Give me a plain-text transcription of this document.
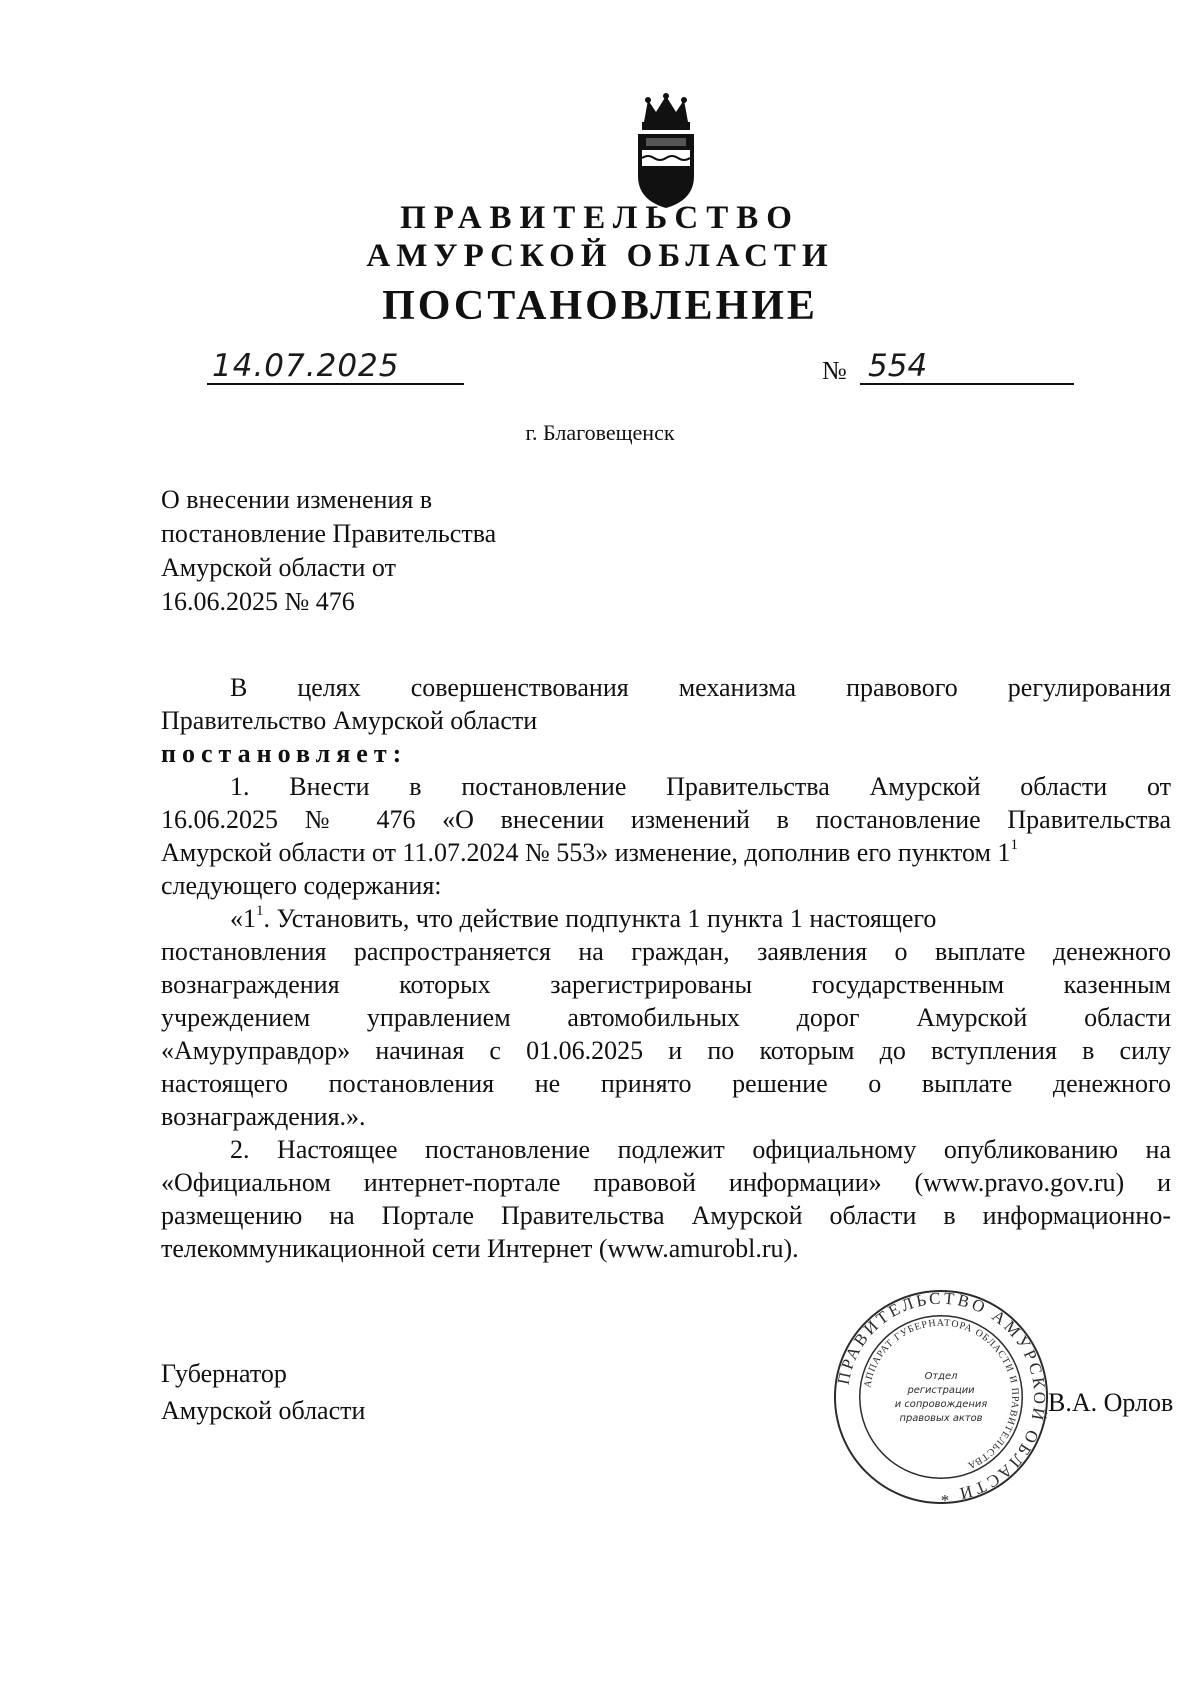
ПРАВИТЕЛЬСТВО
АМУРСКОЙ ОБЛАСТИ
ПОСТАНОВЛЕНИЕ
14.07.2025	№ 554
г. Благовещенск
О внесении изменения в
постановление Правительства
Амурской области от
16.06.2025 № 476
В целях совершенствования механизма правового регулирования
Правительство Амурской области
постановляет:
1. Внести в постановление Правительства Амурской области от
16.06.2025 № 476 «О внесении изменений в постановление Правительства
Амурской области от 11.07.2024 № 553» изменение, дополнив его пунктом $1^1$
следующего содержания:
«$1^1$. Установить, что действие подпункта 1 пункта 1 настоящего
постановления распространяется на граждан, заявления о выплате денежного
вознаграждения которых зарегистрированы государственным казенным
учреждением управлением автомобильных дорог Амурской области
«Амуруправдор» начиная с 01.06.2025 и по которым до вступления в силу
настоящего постановления не принято решение о выплате денежного
вознаграждения.».
2. Настоящее постановление подлежит официальному опубликованию на
«Официальном интернет-портале правовой информации» (www.pravo.gov.ru) и
размещению на Портале Правительства Амурской области в информационно-
телекоммуникационной сети Интернет (www.amurobl.ru).
Губернатор
Амурской области	В.А. Орлов
ПРАВИТЕЛЬСТВО АМУРСКОЙ ОБЛАСТИ *
АППАРАТ ГУБЕРНАТОРА ОБЛАСТИ И ПРАВИТЕЛЬСТВА
Отдел
регистрации
и сопровождения
правовых актов
